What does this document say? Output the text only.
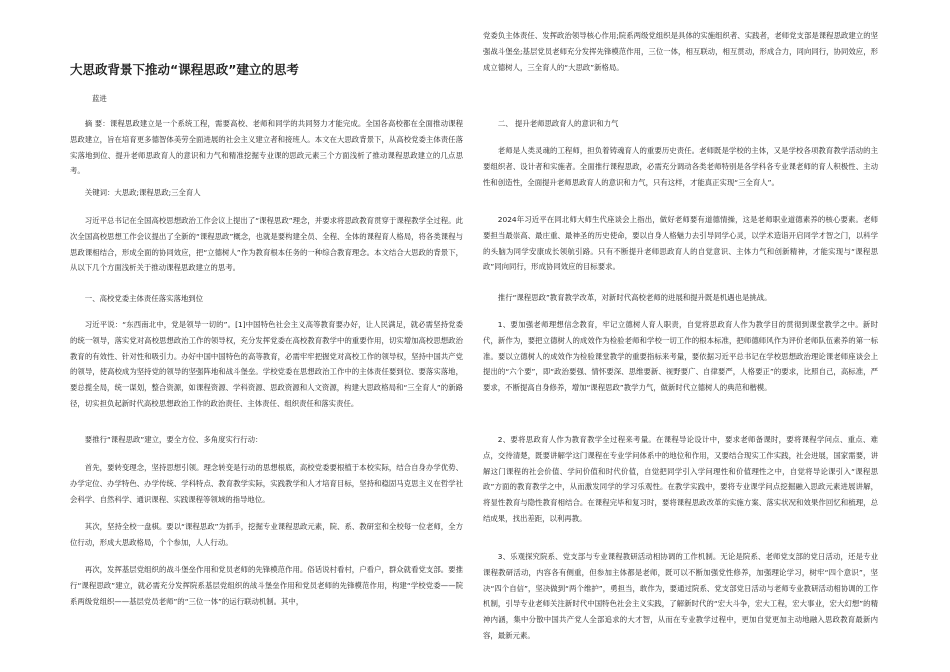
大思政背景下推动“课程思政”建立的思考

蓝进

摘 要：课程思政建立是一个系统工程，需要高校、老师和同学的共同努力才能完成。全国各高校都在全面推动课程思政建立，旨在培育更多德智体美劳全面进展的社会主义建立者和接班人。本文在大思政背景下，从高校党委主体责任落实落地到位、提升老师思政育人的意识和力气和精准挖掘专业课的思政元素三个方面浅析了推动课程思政建立的几点思考。

关键词：大思政;课程思政;三全育人

习近平总书记在全国高校思想政治工作会议上提出了“课程思政”理念，并要求将思政教育贯穿于课程教学全过程。此次全国高校思想工作会议提出了全新的“课程思政”概念，也就是要构建全员、全程、全体的课程育人格局，将各类课程与思政课相结合，形成全面的协同效应，把“立德树人”作为教育根本任务的一种综合教育理念。本文结合大思政的背景下，从以下几个方面浅析关于推动课程思政建立的思考。

一、高校党委主体责任落实落地到位

习近平说：“东西南北中，党是领导一切的”。[1]中国特色社会主义高等教育要办好，让人民满足，就必需坚持党委的统一领导，落实党对高校思想政治工作的领导权，充分发挥党委在高校教育教学中的重要作用，切实增加高校思想政治教育的有效性、针对性和吸引力。办好中国中国特色的高等教育，必需牢牢把握党对高校工作的领导权，坚持中国共产党的领导，使高校成为坚持党的领导的坚强阵地和战斗堡垒。学校党委在思想政治工作中的主体责任要到位、要落实落地，要总揽全局，统一谋划，整合资源，如课程资源、学科资源、思政资源和人文资源，构建大思政格局和“三全育人”的新路径，切实担负起新时代高校思想政治工作的政治责任、主体责任、组织责任和落实责任。

要推行“课程思政”建立，要全方位、多角度实行行动：

首先，要转变理念，坚持思想引领。理念转变是行动的思想根底，高校党委要根植于本校实际，结合自身办学优势、办学定位、办学特色、办学传统、学科特点、教育教学实际，实践教学和人才培育目标，坚持和稳固马克思主义在哲学社会科学、自然科学、通识课程、实践课程等领域的指导地位。

其次，坚持全校一盘棋。要以“课程思政”为抓手，挖掘专业课程思政元素，院、系、教研室和全校每一位老师，全方位行动，形成大思政格局，个个参加，人人行动。

再次，发挥基层党组织的战斗堡垒作用和党员老师的先锋模范作用。俗话说村看村，户看户，群众就看党支部。要推行“课程思政”建立，就必需充分发挥院系基层党组织的战斗堡垒作用和党员老师的先锋模范作用，构建“学校党委——院系两级党组织——基层党员老师”的“三位一体”的运行联动机制。其中，

党委负主体责任、发挥政治领导核心作用;院系两级党组织是具体的实施组织者、实践者，老师党支部是课程思政建立的坚强战斗堡垒;基层党员老师充分发挥先锋模范作用，三位一体，相互联动，相互贯动，形成合力，同向同行，协同效应，形成立德树人，三全育人的“大思政”新格局。

二、 提升老师思政育人的意识和力气

老师是人类灵魂的工程师，担负着铸魂育人的重要历史责任。老师既是学校的主体，又是学校各项教育教学活动的主要组织者、设计者和实施者。全面推行课程思政，必需充分调动各类老师特别是各学科各专业课老师的育人积极性、主动性和创造性，全面提升老师思政育人的意识和力气，只有这样，才能真正实现“三全育人”。

2024年习近平在同北师大师生代座谈会上指出，做好老师要有道德情操，这是老师职业道德素养的核心要素。老师要担当最崇高、最庄重、最神圣的历史使命，要以自身人格魅力去引导同学心灵，以学术造诣开启同学才智之门，以科学的头脑为同学安康成长领航引路。只有不断提升老师思政育人的自觉意识、主体力气和创新精神，才能实现与“课程思政”同向同行，形成协同效应的目标要求。

推行“课程思政”教育教学改革，对新时代高校老师的进展和提升既是机遇也是挑战。

1、要加强老师理想信念教育，牢记立德树人育人职责，自觉将思政育人作为教学目的贯彻到课堂教学之中。新时代，新作为，要把立德树人的成效作为检验老师和学校一切工作的根本标准，把师德师风作为评价老师队伍素养的第一标准。要以立德树人的成效作为检验课堂教学的重要指标来考量，要依据习近平总书记在学校思想政治理论课老师座谈会上提出的“六个要”，即“政治要强、情怀要深、思维要新、视野要广、自律要严，人格要正”的要求，比照自己，高标准，严要求，不断提高自身修养，增加“课程思政”教学力气，做新时代立德树人的典范和楷模。

2、要将思政育人作为教育教学全过程来考量。在课程导论设计中，要求老师备课时，要将课程学问点、重点、难点，交待清楚，既要讲解学这门课程在专业学问体系中的地位和作用，又要结合现实工作实践，社会进展，国家需要，讲解这门课程的社会价值、学问价值和时代价值，自觉把同学引入学问理性和价值理性之中，自觉将导论课引入“课程思政”方面的教育教学之中，从而激发同学的学习乐观性。在教学实践中，要将专业课学问点挖掘融入思政元素进展讲解，将显性教育与隐性教育相结合。在课程完毕和复习时，要将课程思政改革的实施方案、落实状况和效果作回忆和梳理，总结成果，找出差距，以利再教。

3、乐观探究院系、党支部与专业课程教研活动相协调的工作机制。无论是院系、老师党支部的党日活动，还是专业课程教研活动，内容各有侧重，但参加主体都是老师，既可以不断加强党性修养，加强理论学习，树牢“四个意识”，坚决“四个自信”，坚决做到“两个维护”，勇担当，敢作为，要通过院系、党支部党日活动与老师专业教研活动相协调的工作机制，引导专业老师关注新时代中国特色社会主义实践，了解新时代的“宏大斗争，宏大工程，宏大事业，宏大幻想”的精神内涵，集中分散中国共产党人全部追求的大才智，从而在专业教学过程中，更加自觉更加主动地融入思政教育最新内容，最新元素。
